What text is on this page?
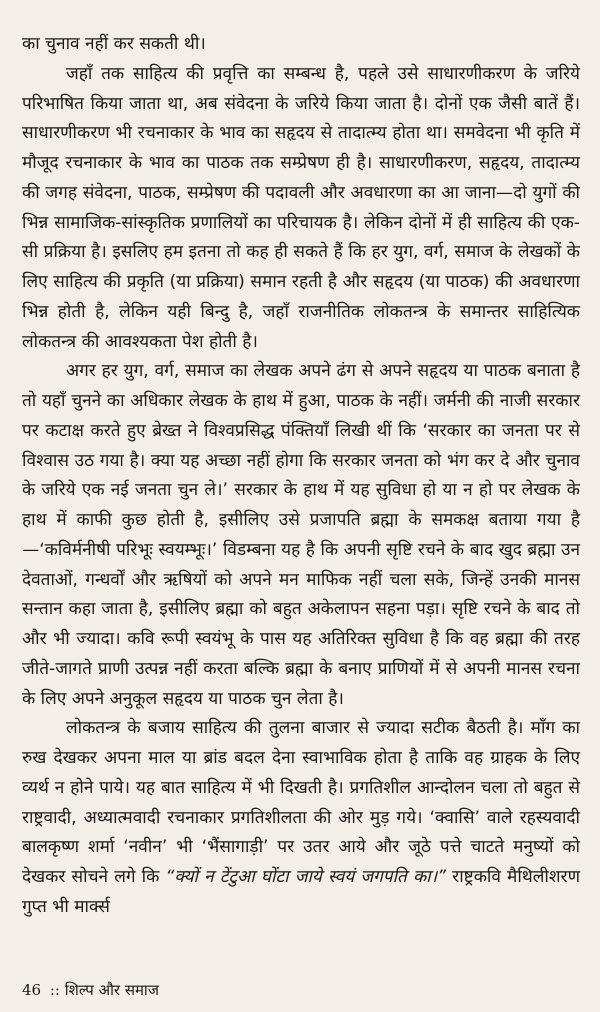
का चुनाव नहीं कर सकती थी।

जहाँ तक साहित्य की प्रवृत्ति का सम्बन्ध है, पहले उसे साधारणीकरण के जरिये परिभाषित किया जाता था, अब संवेदना के जरिये किया जाता है। दोनों एक जैसी बातें हैं। साधारणीकरण भी रचनाकार के भाव का सहृदय से तादात्म्य होता था। समवेदना भी कृति में मौजूद रचनाकार के भाव का पाठक तक सम्प्रेषण ही है। साधारणीकरण, सहृदय, तादात्म्य की जगह संवेदना, पाठक, सम्प्रेषण की पदावली और अवधारणा का आ जाना—दो युगों की भिन्न सामाजिक-सांस्कृतिक प्रणालियों का परिचायक है। लेकिन दोनों में ही साहित्य की एक-सी प्रक्रिया है। इसलिए हम इतना तो कह ही सकते हैं कि हर युग, वर्ग, समाज के लेखकों के लिए साहित्य की प्रकृति (या प्रक्रिया) समान रहती है और सहृदय (या पाठक) की अवधारणा भिन्न होती है, लेकिन यही बिन्दु है, जहाँ राजनीतिक लोकतन्त्र के समान्तर साहित्यिक लोकतन्त्र की आवश्यकता पेश होती है।

अगर हर युग, वर्ग, समाज का लेखक अपने ढंग से अपने सहृदय या पाठक बनाता है तो यहाँ चुनने का अधिकार लेखक के हाथ में हुआ, पाठक के नहीं। जर्मनी की नाजी सरकार पर कटाक्ष करते हुए ब्रेख्त ने विश्वप्रसिद्ध पंक्तियाँ लिखी थीं कि ‘सरकार का जनता पर से विश्वास उठ गया है। क्या यह अच्छा नहीं होगा कि सरकार जनता को भंग कर दे और चुनाव के जरिये एक नई जनता चुन ले।’ सरकार के हाथ में यह सुविधा हो या न हो पर लेखक के हाथ में काफी कुछ होती है, इसीलिए उसे प्रजापति ब्रह्मा के समकक्ष बताया गया है—‘कविर्मनीषी परिभूः स्वयम्भूः।’ विडम्बना यह है कि अपनी सृष्टि रचने के बाद खुद ब्रह्मा उन देवताओं, गन्धर्वों और ऋषियों को अपने मन माफिक नहीं चला सके, जिन्हें उनकी मानस सन्तान कहा जाता है, इसीलिए ब्रह्मा को बहुत अकेलापन सहना पड़ा। सृष्टि रचने के बाद तो और भी ज्यादा। कवि रूपी स्वयंभू के पास यह अतिरिक्त सुविधा है कि वह ब्रह्मा की तरह जीते-जागते प्राणी उत्पन्न नहीं करता बल्कि ब्रह्मा के बनाए प्राणियों में से अपनी मानस रचना के लिए अपने अनुकूल सहृदय या पाठक चुन लेता है।

लोकतन्त्र के बजाय साहित्य की तुलना बाजार से ज्यादा सटीक बैठती है। माँग का रुख देखकर अपना माल या ब्रांड बदल देना स्वाभाविक होता है ताकि वह ग्राहक के लिए व्यर्थ न होने पाये। यह बात साहित्य में भी दिखती है। प्रगतिशील आन्दोलन चला तो बहुत से राष्ट्रवादी, अध्यात्मवादी रचनाकार प्रगतिशीलता की ओर मुड़ गये। ‘क्वासि’ वाले रहस्यवादी बालकृष्ण शर्मा ‘नवीन’ भी ‘भैंसागाड़ी’ पर उतर आये और जूठे पत्ते चाटते मनुष्यों को देखकर सोचने लगे कि “क्यों न टेंटुआ घोंटा जाये स्वयं जगपति का।” राष्ट्रकवि मैथिलीशरण गुप्त भी मार्क्स

46 :: शिल्प और समाज
